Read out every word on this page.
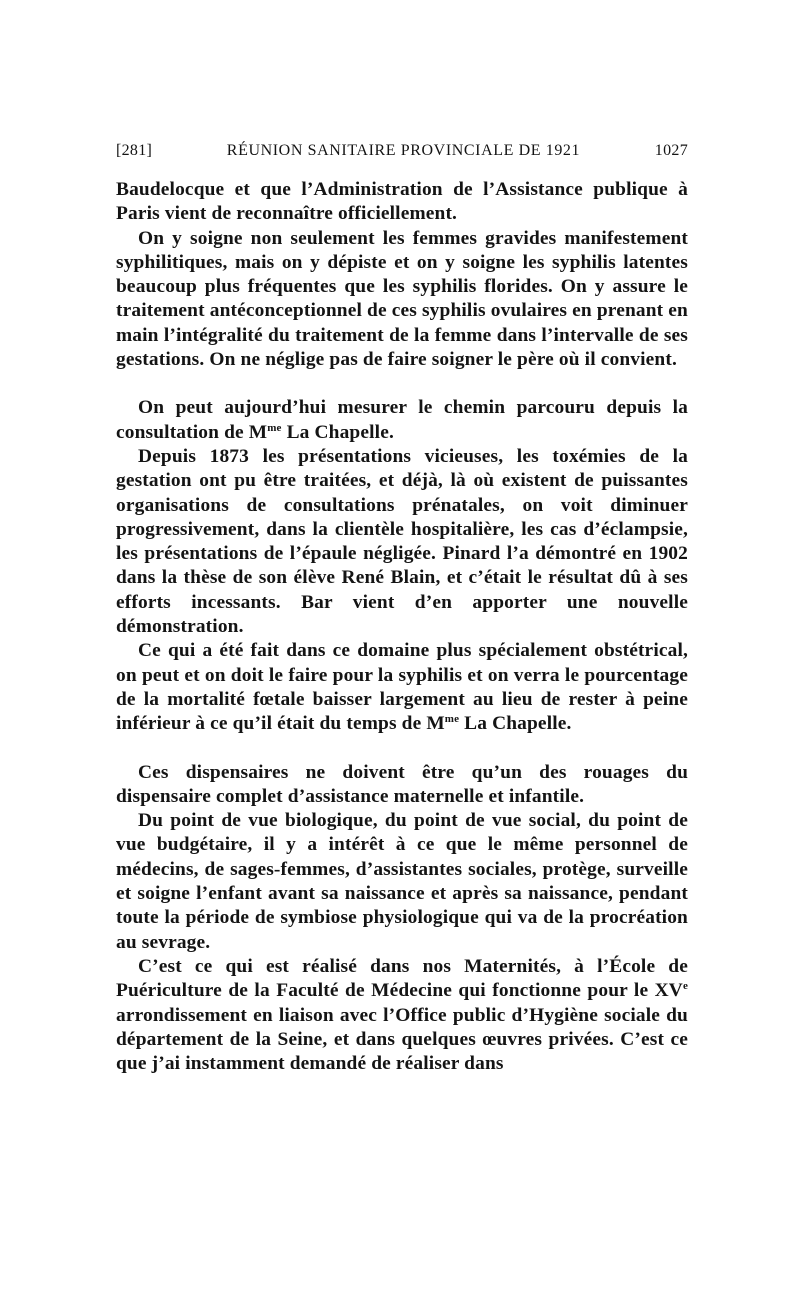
[281]	RÉUNION SANITAIRE PROVINCIALE DE 1921	1027

Baudelocque et que l’Administration de l’Assistance publique à Paris vient de reconnaître officiellement.

On y soigne non seulement les femmes gravides manifestement syphilitiques, mais on y dépiste et on y soigne les syphilis latentes beaucoup plus fréquentes que les syphilis florides. On y assure le traitement antéconceptionnel de ces syphilis ovulaires en prenant en main l’intégralité du traitement de la femme dans l’intervalle de ses gestations. On ne néglige pas de faire soigner le père où il convient.

On peut aujourd’hui mesurer le chemin parcouru depuis la consultation de $M^{me}$ La Chapelle.

Depuis 1873 les présentations vicieuses, les toxémies de la gestation ont pu être traitées, et déjà, là où existent de puissantes organisations de consultations prénatales, on voit diminuer progressivement, dans la clientèle hospitalière, les cas d’éclampsie, les présentations de l’épaule négligée. Pinard l’a démontré en 1902 dans la thèse de son élève René Blain, et c’était le résultat dû à ses efforts incessants. Bar vient d’en apporter une nouvelle démonstration.

Ce qui a été fait dans ce domaine plus spécialement obstétrical, on peut et on doit le faire pour la syphilis et on verra le pourcentage de la mortalité fœtale baisser largement au lieu de rester à peine inférieur à ce qu’il était du temps de $M^{me}$ La Chapelle.

Ces dispensaires ne doivent être qu’un des rouages du dispensaire complet d’assistance maternelle et infantile.

Du point de vue biologique, du point de vue social, du point de vue budgétaire, il y a intérêt à ce que le même personnel de médecins, de sages-femmes, d’assistantes sociales, protège, surveille et soigne l’enfant avant sa naissance et après sa naissance, pendant toute la période de symbiose physiologique qui va de la procréation au sevrage.

C’est ce qui est réalisé dans nos Maternités, à l’École de Puériculture de la Faculté de Médecine qui fonctionne pour le XVe arrondissement en liaison avec l’Office public d’Hygiène sociale du département de la Seine, et dans quelques œuvres privées. C’est ce que j’ai instamment demandé de réaliser dans
